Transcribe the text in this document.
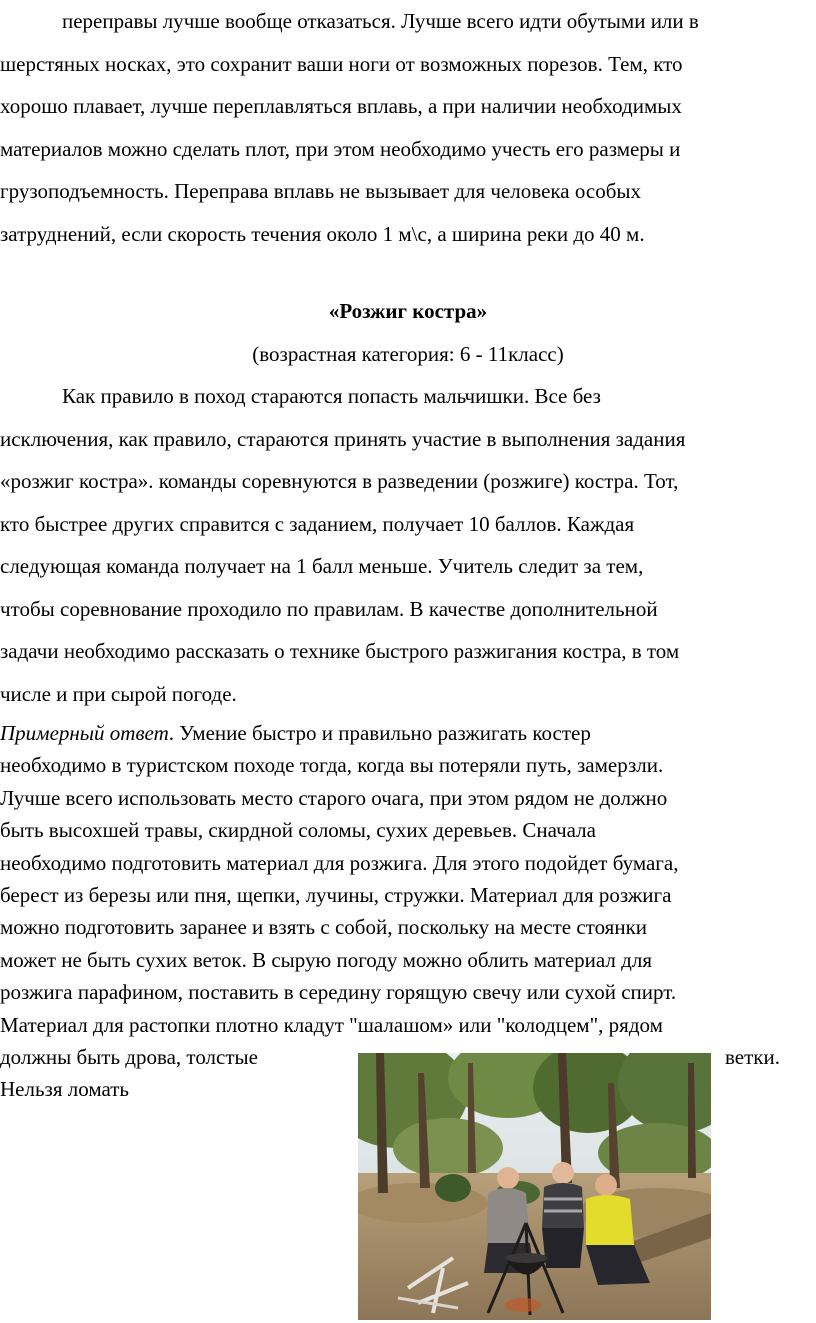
переправы лучше вообще отказаться. Лучше всего идти обутыми или в
шерстяных носках, это сохранит ваши ноги от возможных порезов. Тем, кто
хорошо плавает, лучше переплавляться вплавь, а при наличии необходимых
материалов можно сделать плот, при этом необходимо учесть его размеры и
грузоподъемность. Переправа вплавь не вызывает для человека особых
затруднений, если скорость течения около 1 м\с, а ширина реки до 40 м.
«Розжиг костра»
(возрастная категория: 6 - 11класс)
Как правило в поход стараются попасть мальчишки. Все без
исключения, как правило, стараются принять участие в выполнения задания
«розжиг костра». команды соревнуются в разведении (розжиге) костра. Тот,
кто быстрее других справится с заданием, получает 10 баллов. Каждая
следующая команда получает на 1 балл меньше. Учитель следит за тем,
чтобы соревнование проходило по правилам. В качестве дополнительной
задачи необходимо рассказать о технике быстрого разжигания костра, в том
числе и при сырой погоде.
Примерный ответ. Умение быстро и правильно разжигать костер
необходимо в туристском походе тогда, когда вы потеряли путь, замерзли.
Лучше всего использовать место старого очага, при этом рядом не должно
быть высохшей травы, скирдной соломы, сухих деревьев. Сначала
необходимо подготовить материал для розжига. Для этого подойдет бумага,
берест из березы или пня, щепки, лучины, стружки. Материал для розжига
можно подготовить заранее и взять с собой, поскольку на месте стоянки
может не быть сухих веток. В сырую погоду можно облить материал для
розжига парафином, поставить в середину горящую свечу или сухой спирт.
Материал для растопки плотно кладут "шалашом» или "колодцем", рядом
должны быть дрова, толстые
Нельзя ломать
ветки.
